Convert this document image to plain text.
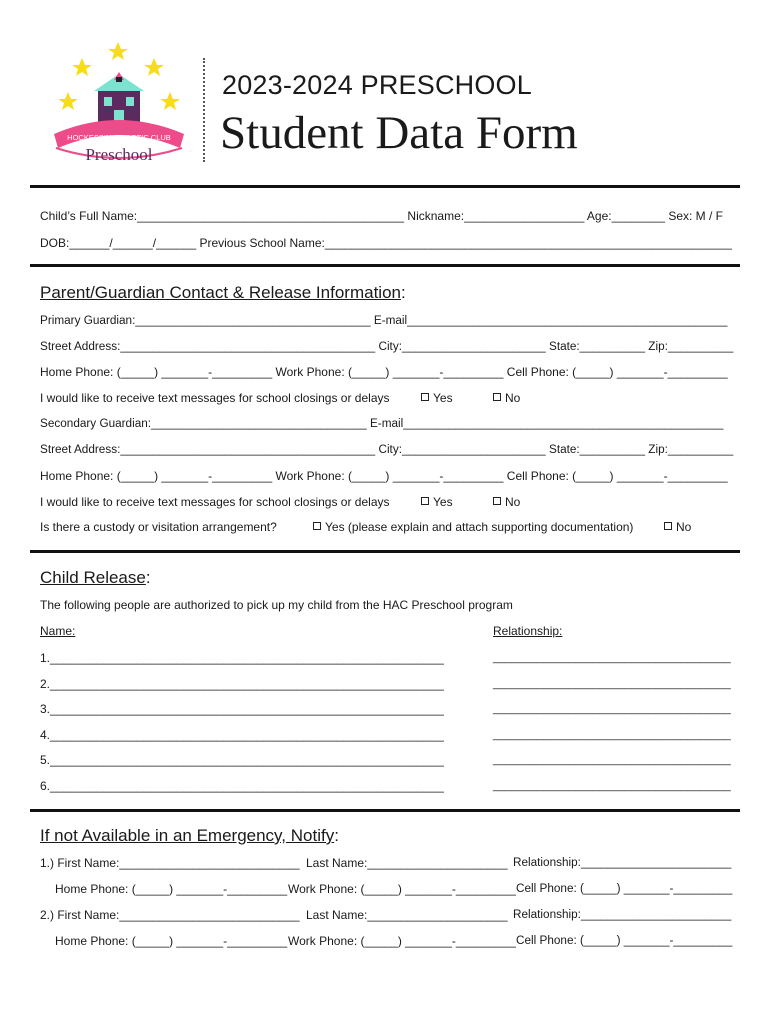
HOCKESSIN ATHLETIC CLUB
Preschool
2023-2024 PRESCHOOL
Student Data Form
Child’s Full Name:________________________________________ Nickname:__________________ Age:________ Sex: M / F
DOB:______/______/______ Previous School Name:_____________________________________________________________
Parent/Guardian Contact & Release Information:
Primary Guardian:____________________________________ E-mail_________________________________________________
Street Address:_______________________________________ City:______________________ State:__________ Zip:__________
Home Phone: (_____) _______-_________ Work Phone: (_____) _______-_________ Cell Phone: (_____) _______-_________
I would like to receive text messages for school closings or delays	Yes	No
Secondary Guardian:_________________________________ E-mail_________________________________________________
Street Address:_______________________________________ City:______________________ State:__________ Zip:__________
Home Phone: (_____) _______-_________ Work Phone: (_____) _______-_________ Cell Phone: (_____) _______-_________
I would like to receive text messages for school closings or delays	Yes	No
Is there a custody or visitation arrangement?	Yes (please explain and attach supporting documentation)	No
Child Release:
The following people are authorized to pick up my child from the HAC Preschool program
Name:	Relationship:
1.___________________________________________________________	______________________________________
2.___________________________________________________________	______________________________________
3.___________________________________________________________	______________________________________
4.___________________________________________________________	______________________________________
5.___________________________________________________________	______________________________________
6.___________________________________________________________	______________________________________
If not Available in an Emergency, Notify:
1.) First Name:___________________________ Last Name:_____________________ Relationship:_______________________
Home Phone: (_____) _______-_________ Work Phone: (_____) _______-_________ Cell Phone: (_____) _______-_________
2.) First Name:___________________________ Last Name:_____________________ Relationship:_______________________
Home Phone: (_____) _______-_________ Work Phone: (_____) _______-_________ Cell Phone: (_____) _______-_________
